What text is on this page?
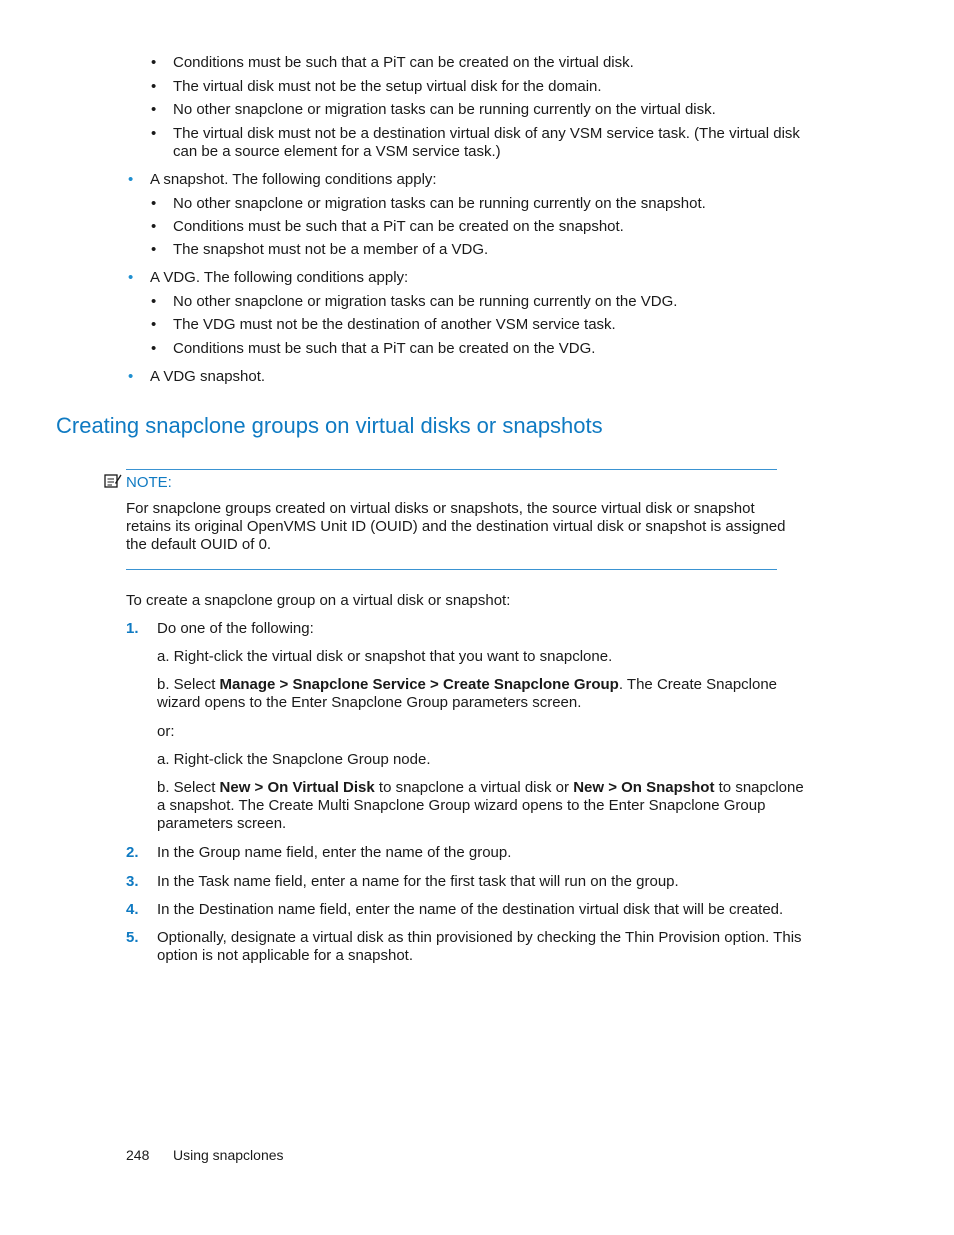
• Conditions must be such that a PiT can be created on the virtual disk.
• The virtual disk must not be the setup virtual disk for the domain.
• No other snapclone or migration tasks can be running currently on the virtual disk.
• The virtual disk must not be a destination virtual disk of any VSM service task. (The virtual disk can be a source element for a VSM service task.)
• A snapshot. The following conditions apply:
• No other snapclone or migration tasks can be running currently on the snapshot.
• Conditions must be such that a PiT can be created on the snapshot.
• The snapshot must not be a member of a VDG.
• A VDG. The following conditions apply:
• No other snapclone or migration tasks can be running currently on the VDG.
• The VDG must not be the destination of another VSM service task.
• Conditions must be such that a PiT can be created on the VDG.
• A VDG snapshot.
Creating snapclone groups on virtual disks or snapshots
NOTE:
For snapclone groups created on virtual disks or snapshots, the source virtual disk or snapshot retains its original OpenVMS Unit ID (OUID) and the destination virtual disk or snapshot is assigned the default OUID of 0.
To create a snapclone group on a virtual disk or snapshot:
1. Do one of the following:
a. Right-click the virtual disk or snapshot that you want to snapclone.
b. Select Manage > Snapclone Service > Create Snapclone Group. The Create Snapclone wizard opens to the Enter Snapclone Group parameters screen.
or:
a. Right-click the Snapclone Group node.
b. Select New > On Virtual Disk to snapclone a virtual disk or New > On Snapshot to snapclone a snapshot. The Create Multi Snapclone Group wizard opens to the Enter Snapclone Group parameters screen.
2. In the Group name field, enter the name of the group.
3. In the Task name field, enter a name for the first task that will run on the group.
4. In the Destination name field, enter the name of the destination virtual disk that will be created.
5. Optionally, designate a virtual disk as thin provisioned by checking the Thin Provision option. This option is not applicable for a snapshot.
248 Using snapclones
